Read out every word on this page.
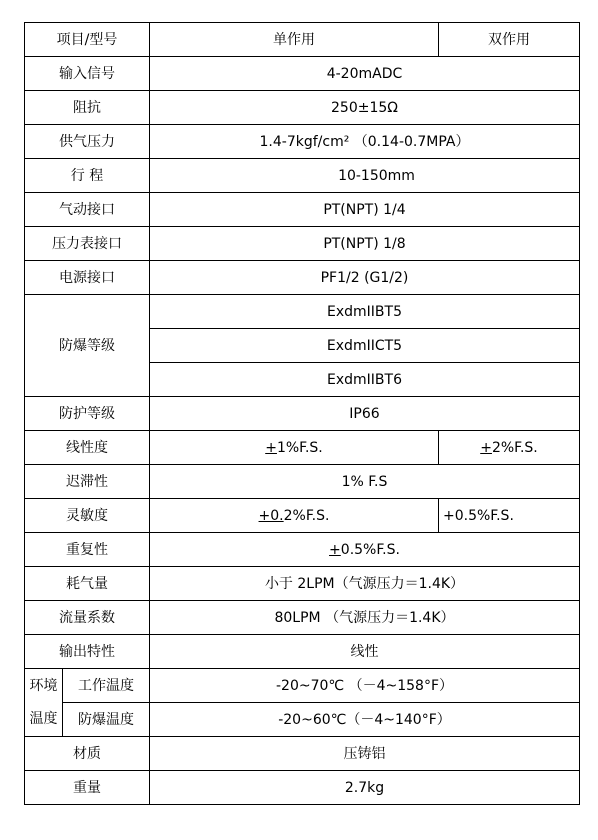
项目/型号		单作用	双作用
输入信号		4-20mADC	
阻抗		250±15Ω	
供气压力		1.4-7kgf/cm² （0.14-0.7MPA）	
行 程		10-150mm	
气动接口		PT(NPT) 1/4	
压力表接口		PT(NPT) 1/8	
电源接口		PF1/2 (G1/2)	
防爆等级		ExdmIIBT5	
		ExdmIICT5	
		ExdmIIBT6	
防护等级		IP66	
线性度		+1%F.S.	+2%F.S.
迟滞性		1% F.S	
灵敏度		+0.2%F.S.	+0.5%F.S.
重复性		+0.5%F.S.	
耗气量		小于 2LPM（气源压力＝1.4K）	
流量系数		80LPM （气源压力＝1.4K）	
输出特性		线性	
环境	工作温度	-20~70℃ （－4~158°F）	
温度	防爆温度	-20~60℃（－4~140°F）	
材质		压铸铝	
重量		2.7kg	
